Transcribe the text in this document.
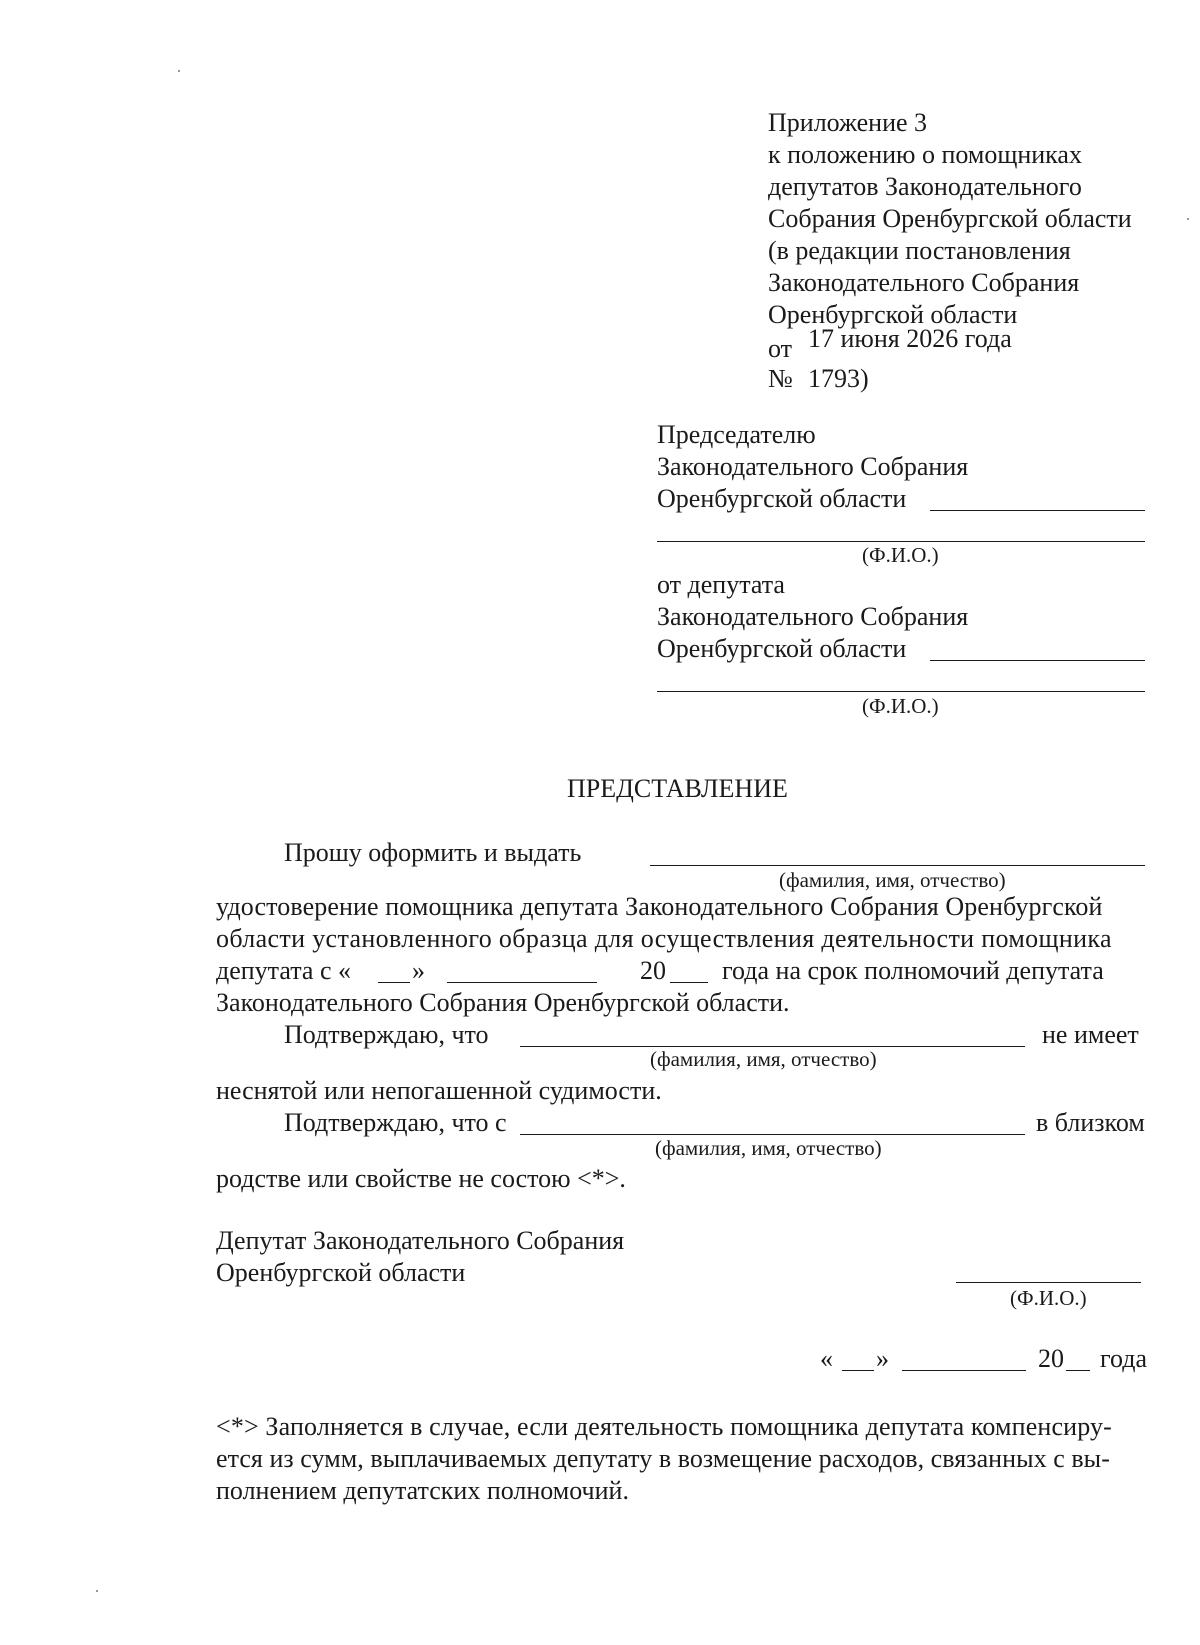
Приложение 3
к положению о помощниках
депутатов Законодательного
Собрания Оренбургской области
(в редакции постановления
Законодательного Собрания
Оренбургской области
от 17 июня 2026 года
№ 1793)
Председателю
Законодательного Собрания
Оренбургской области
(Ф.И.О.)
от депутата
Законодательного Собрания
Оренбургской области
(Ф.И.О.)
ПРЕДСТАВЛЕНИЕ
Прошу оформить и выдать
(фамилия, имя, отчество)
удостоверение помощника депутата Законодательного Собрания Оренбургской
области установленного образца для осуществления деятельности помощника
депутата с « »	20 года на срок полномочий депутата
Законодательного Собрания Оренбургской области.
Подтверждаю, что	не имеет
(фамилия, имя, отчество)
неснятой или непогашенной судимости.
Подтверждаю, что с	в близком
(фамилия, имя, отчество)
родстве или свойстве не состою <*>.
Депутат Законодательного Собрания
Оренбургской области
(Ф.И.О.)
« »	20 года
<*> Заполняется в случае, если деятельность помощника депутата компенсиру-
ется из сумм, выплачиваемых депутату в возмещение расходов, связанных с вы-
полнением депутатских полномочий.
